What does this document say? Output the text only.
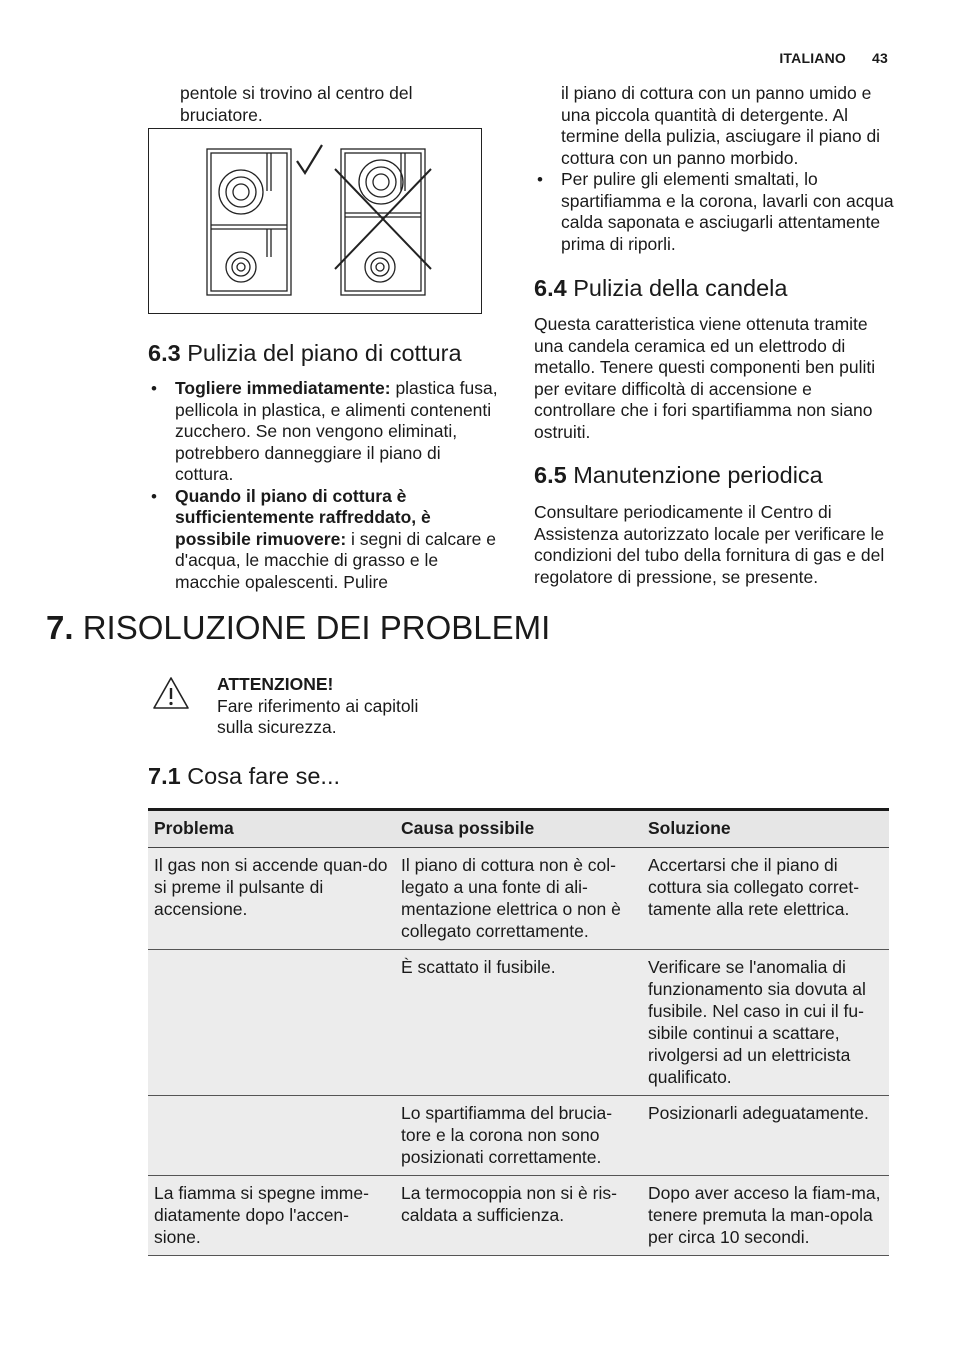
ITALIANO 43
pentole si trovino al centro del bruciatore.
6.3 Pulizia del piano di cottura
• Togliere immediatamente: plastica fusa, pellicola in plastica, e alimenti contenenti zucchero. Se non vengono eliminati, potrebbero danneggiare il piano di cottura.
• Quando il piano di cottura è sufficientemente raffreddato, è possibile rimuovere: i segni di calcare e d'acqua, le macchie di grasso e le macchie opalescenti. Pulire
il piano di cottura con un panno umido e una piccola quantità di detergente. Al termine della pulizia, asciugare il piano di cottura con un panno morbido.
• Per pulire gli elementi smaltati, lo spartifiamma e la corona, lavarli con acqua calda saponata e asciugarli attentamente prima di riporli.
6.4 Pulizia della candela
Questa caratteristica viene ottenuta tramite una candela ceramica ed un elettrodo di metallo. Tenere questi componenti ben puliti per evitare difficoltà di accensione e controllare che i fori spartifiamma non siano ostruiti.
6.5 Manutenzione periodica
Consultare periodicamente il Centro di Assistenza autorizzato locale per verificare le condizioni del tubo della fornitura di gas e del regolatore di pressione, se presente.
7. RISOLUZIONE DEI PROBLEMI
ATTENZIONE!
Fare riferimento ai capitoli
sulla sicurezza.
7.1 Cosa fare se...
Problema	Causa possibile	Soluzione
Il gas non si accende quan-do si preme il pulsante di accensione.	Il piano di cottura non è col-legato a una fonte di ali-mentazione elettrica o non è collegato correttamente.	Accertarsi che il piano di cottura sia collegato corret-tamente alla rete elettrica.
	È scattato il fusibile.	Verificare se l'anomalia di funzionamento sia dovuta al fusibile. Nel caso in cui il fu-sibile continui a scattare, rivolgersi ad un elettricista qualificato.
	Lo spartifiamma del brucia-tore e la corona non sono posizionati correttamente.	Posizionarli adeguatamente.
La fiamma si spegne imme-diatamente dopo l'accen-sione.	La termocoppia non si è ris-caldata a sufficienza.	Dopo aver acceso la fiam-ma, tenere premuta la man-opola per circa 10 secondi.
